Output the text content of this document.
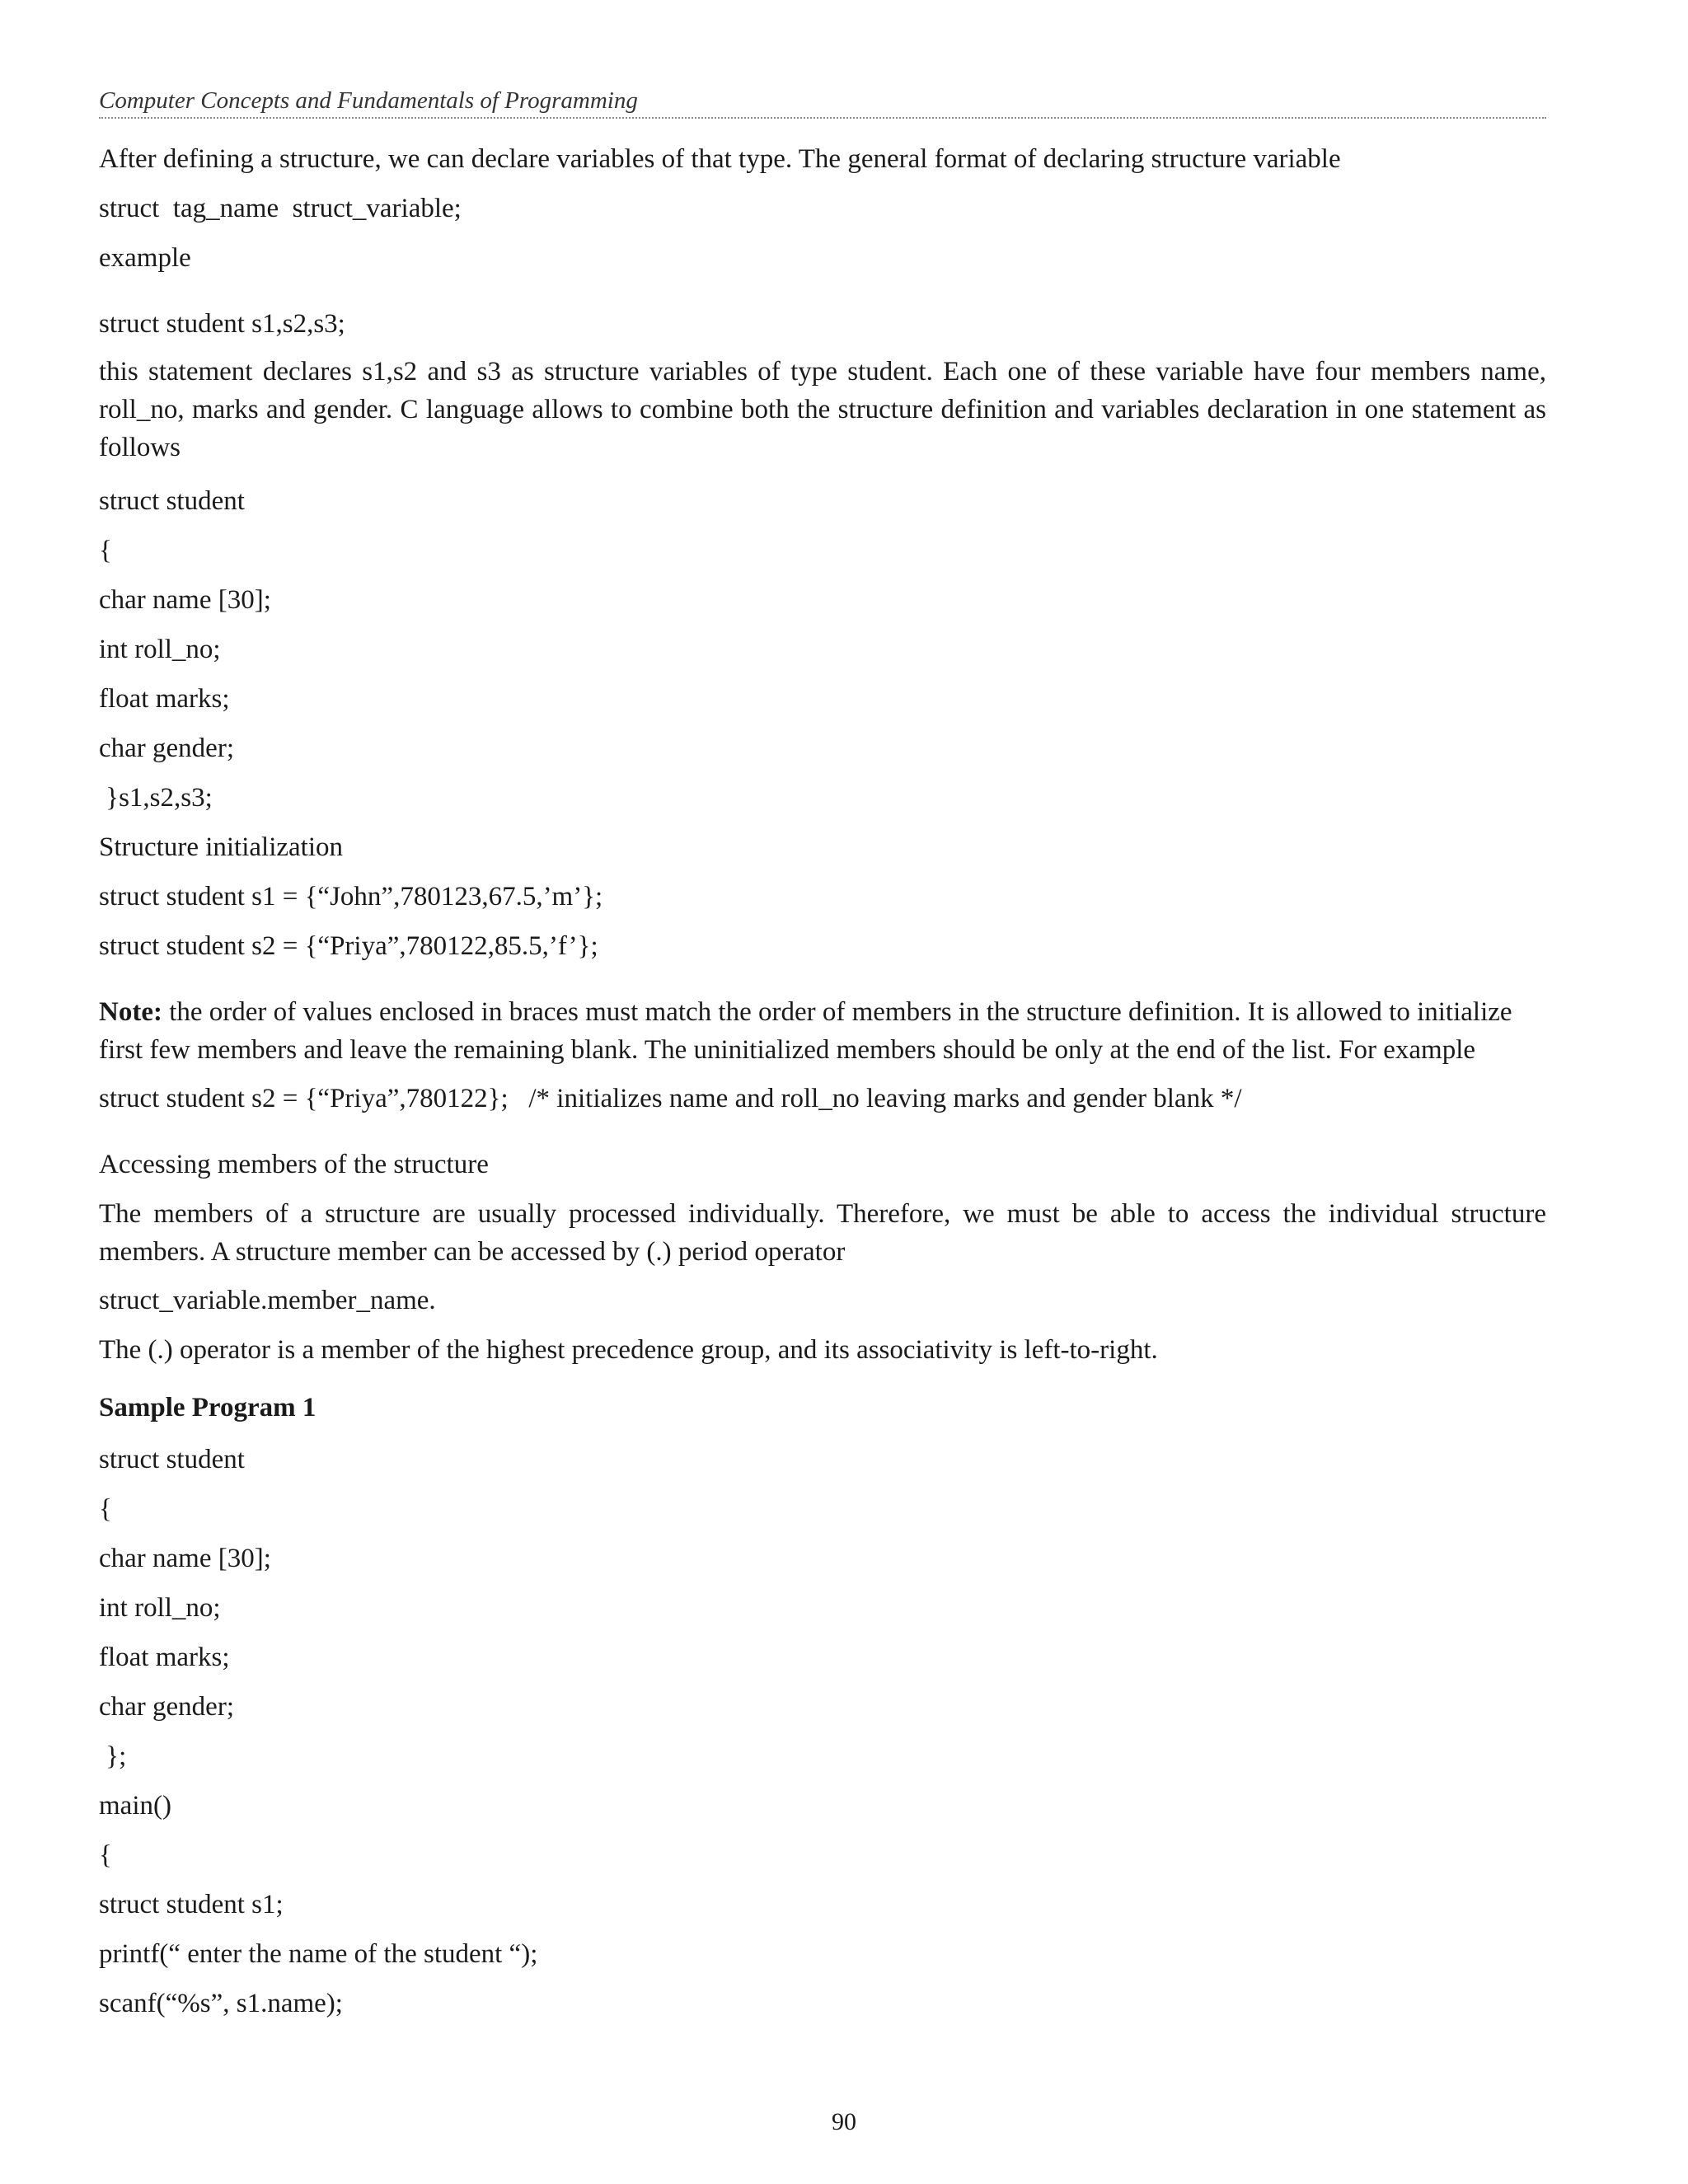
Computer Concepts and Fundamentals of Programming

After defining a structure, we can declare variables of that type. The general format of declaring structure variable

struct  tag_name  struct_variable;

example

struct student s1,s2,s3;

this statement declares s1,s2 and s3 as structure variables of type student. Each one of these variable have four members name, roll_no, marks and gender. C language allows to combine both the structure definition and variables declaration in one statement as follows

struct student

{

char name [30];

int roll_no;

float marks;

char gender;

}s1,s2,s3;

Structure initialization

struct student s1 = {“John”,780123,67.5,’m’};

struct student s2 = {“Priya”,780122,85.5,’f’};

Note: the order of values enclosed in braces must match the order of members in the structure definition. It is allowed to initialize first few members and leave the remaining blank. The uninitialized members should be only at the end of the list. For example

struct student s2 = {“Priya”,780122};   /* initializes name and roll_no leaving marks and gender blank */

Accessing members of the structure

The members of a structure are usually processed individually. Therefore, we must be able to access the individual structure members. A structure member can be accessed by (.) period operator

struct_variable.member_name.

The (.) operator is a member of the highest precedence group, and its associativity is left-to-right.

Sample Program 1

struct student

{

char name [30];

int roll_no;

float marks;

char gender;

};

main()

{

struct student s1;

printf(“ enter the name of the student “);

scanf(“%s”, s1.name);

90
